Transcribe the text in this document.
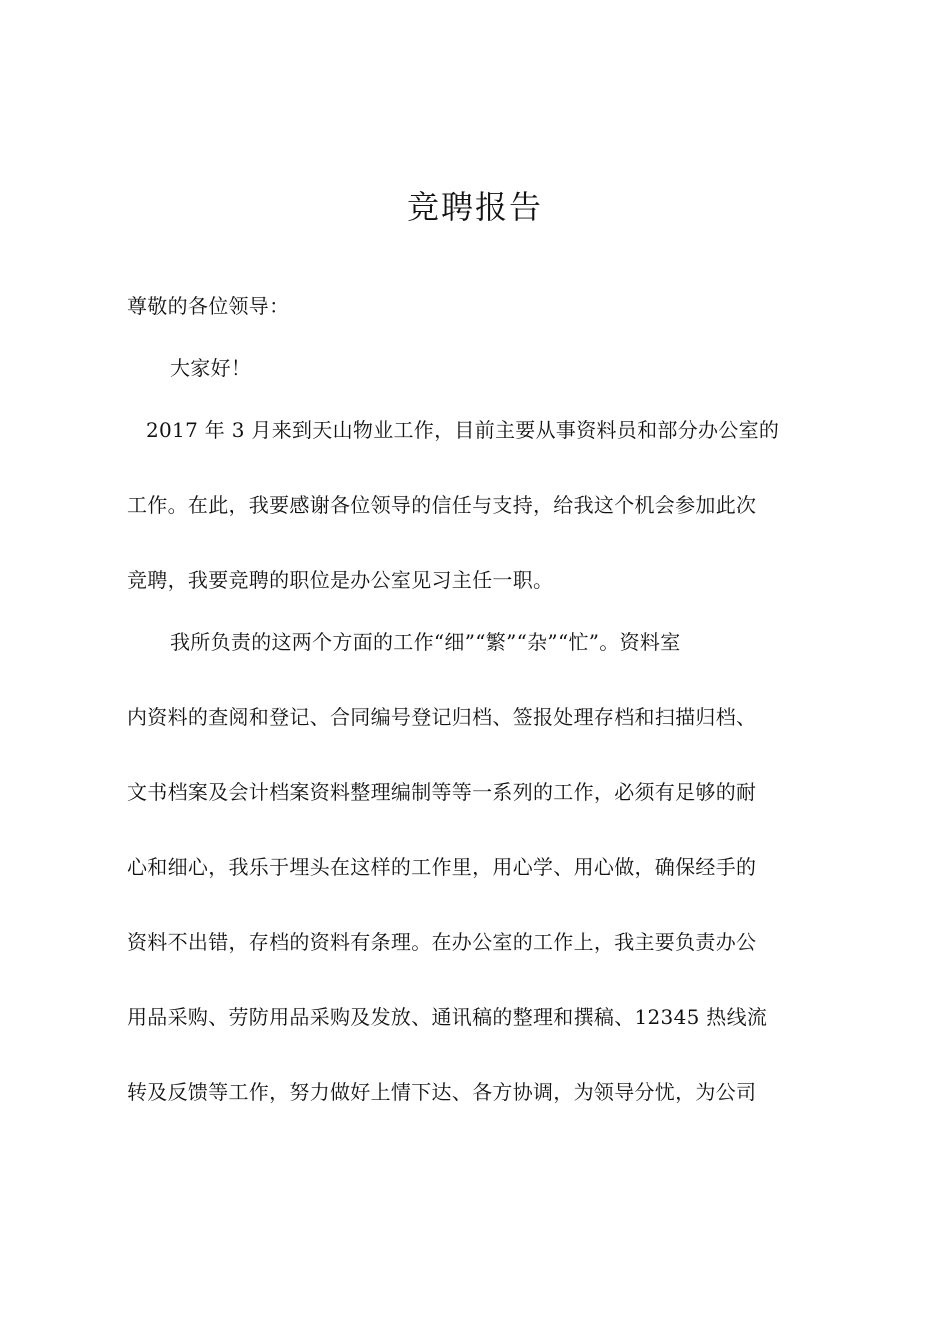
竞聘报告
尊敬的各位领导：
大家好！
2017 年 3 月来到天山物业工作，目前主要从事资料员和部分办公室的
工作。在此，我要感谢各位领导的信任与支持，给我这个机会参加此次
竞聘，我要竞聘的职位是办公室见习主任一职。
我所负责的这两个方面的工作“细”“繁”“杂”“忙”。资料室
内资料的查阅和登记、合同编号登记归档、签报处理存档和扫描归档、
文书档案及会计档案资料整理编制等等一系列的工作，必须有足够的耐
心和细心，我乐于埋头在这样的工作里，用心学、用心做，确保经手的
资料不出错，存档的资料有条理。在办公室的工作上，我主要负责办公
用品采购、劳防用品采购及发放、通讯稿的整理和撰稿、12345 热线流
转及反馈等工作，努力做好上情下达、各方协调，为领导分忧，为公司
